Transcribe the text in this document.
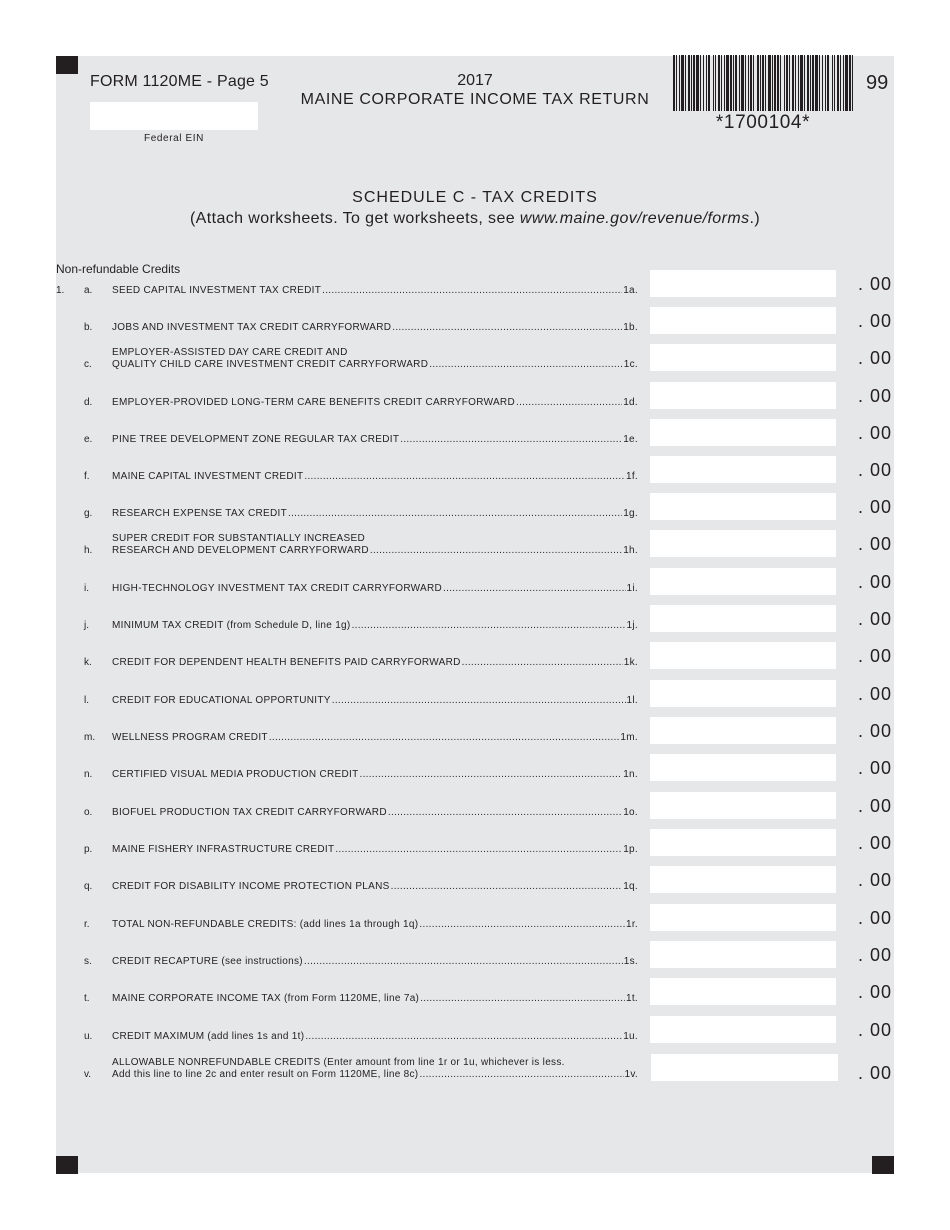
FORM 1120ME - Page 5	2017
MAINE CORPORATE INCOME TAX RETURN
Federal EIN
*1700104*
99
SCHEDULE C - TAX CREDITS
(Attach worksheets. To get worksheets, see www.maine.gov/revenue/forms.)
Non-refundable Credits
1. a. SEED CAPITAL INVESTMENT TAX CREDIT .....	1a.	. 00
b. JOBS AND INVESTMENT TAX CREDIT CARRYFORWARD .....	1b.	. 00
c.
EMPLOYER-ASSISTED DAY CARE CREDIT AND
QUALITY CHILD CARE INVESTMENT CREDIT CARRYFORWARD .....	1c.	. 00
d. EMPLOYER-PROVIDED LONG-TERM CARE BENEFITS CREDIT CARRYFORWARD .....	1d.	. 00
e. PINE TREE DEVELOPMENT ZONE REGULAR TAX CREDIT .....	1e.	. 00
f. MAINE CAPITAL INVESTMENT CREDIT .....	1f.	. 00
g. RESEARCH EXPENSE TAX CREDIT .....	1g.	. 00
h.
SUPER CREDIT FOR SUBSTANTIALLY INCREASED
RESEARCH AND DEVELOPMENT CARRYFORWARD .....	1h.	. 00
i. HIGH-TECHNOLOGY INVESTMENT TAX CREDIT CARRYFORWARD .....	1i.	. 00
j. MINIMUM TAX CREDIT (from Schedule D, line 1g) .....	1j.	. 00
k. CREDIT FOR DEPENDENT HEALTH BENEFITS PAID CARRYFORWARD .....	1k.	. 00
l. CREDIT FOR EDUCATIONAL OPPORTUNITY .....	1l.	. 00
m. WELLNESS PROGRAM CREDIT .....	1m.	. 00
n. CERTIFIED VISUAL MEDIA PRODUCTION CREDIT .....	1n.	. 00
o. BIOFUEL PRODUCTION TAX CREDIT CARRYFORWARD .....	1o.	. 00
p. MAINE FISHERY INFRASTRUCTURE CREDIT .....	1p.	. 00
q. CREDIT FOR DISABILITY INCOME PROTECTION PLANS .....	1q.	. 00
r. TOTAL NON-REFUNDABLE CREDITS: (add lines 1a through 1q) .....	1r.	. 00
s. CREDIT RECAPTURE (see instructions) .....	1s.	. 00
t. MAINE CORPORATE INCOME TAX (from Form 1120ME, line 7a) .....	1t.	. 00
u. CREDIT MAXIMUM (add lines 1s and 1t) .....	1u.	. 00
v.
ALLOWABLE NONREFUNDABLE CREDITS (Enter amount from line 1r or 1u, whichever is less.
Add this line to line 2c and enter result on Form 1120ME, line 8c) .....	1v.	. 00
